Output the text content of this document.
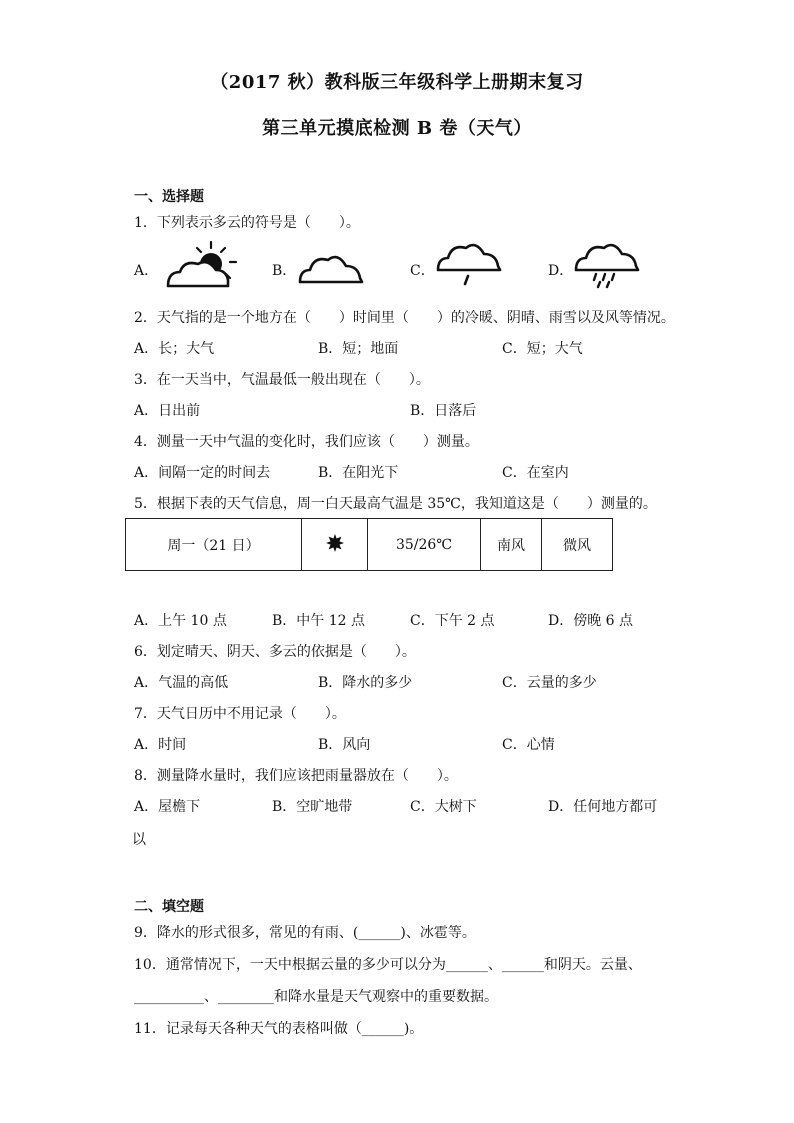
（2017 秋）教科版三年级科学上册期末复习
第三单元摸底检测 B 卷（天气）
一、选择题
1．下列表示多云的符号是（　　）。
A．	B．	C．	D．
2．天气指的是一个地方在（　　）时间里（　　）的冷暖、阴晴、雨雪以及风等情况。
A．长；大气	B．短；地面	C．短；大气
3．在一天当中，气温最低一般出现在（　　）。
A．日出前	B．日落后
4．测量一天中气温的变化时，我们应该（　　）测量。
A．间隔一定的时间去	B．在阳光下	C．在室内
5．根据下表的天气信息，周一白天最高气温是 35℃，我知道这是（　　）测量的。
周一（21 日）		35/26℃	南风	微风
A．上午 10 点	B．中午 12 点	C．下午 2 点	D．傍晚 6 点
6．划定晴天、阴天、多云的依据是（　　）。
A．气温的高低	B．降水的多少	C．云量的多少
7．天气日历中不用记录（　　）。
A．时间	B．风向	C．心情
8．测量降水量时，我们应该把雨量器放在（　　）。
A．屋檐下	B．空旷地带	C．大树下	D．任何地方都可
以
二、填空题
9．降水的形式很多，常见的有雨、(______)、冰雹等。
10．通常情况下，一天中根据云量的多少可以分为______、______和阴天。云量、
__________、________和降水量是天气观察中的重要数据。
11．记录每天各种天气的表格叫做（______)。
